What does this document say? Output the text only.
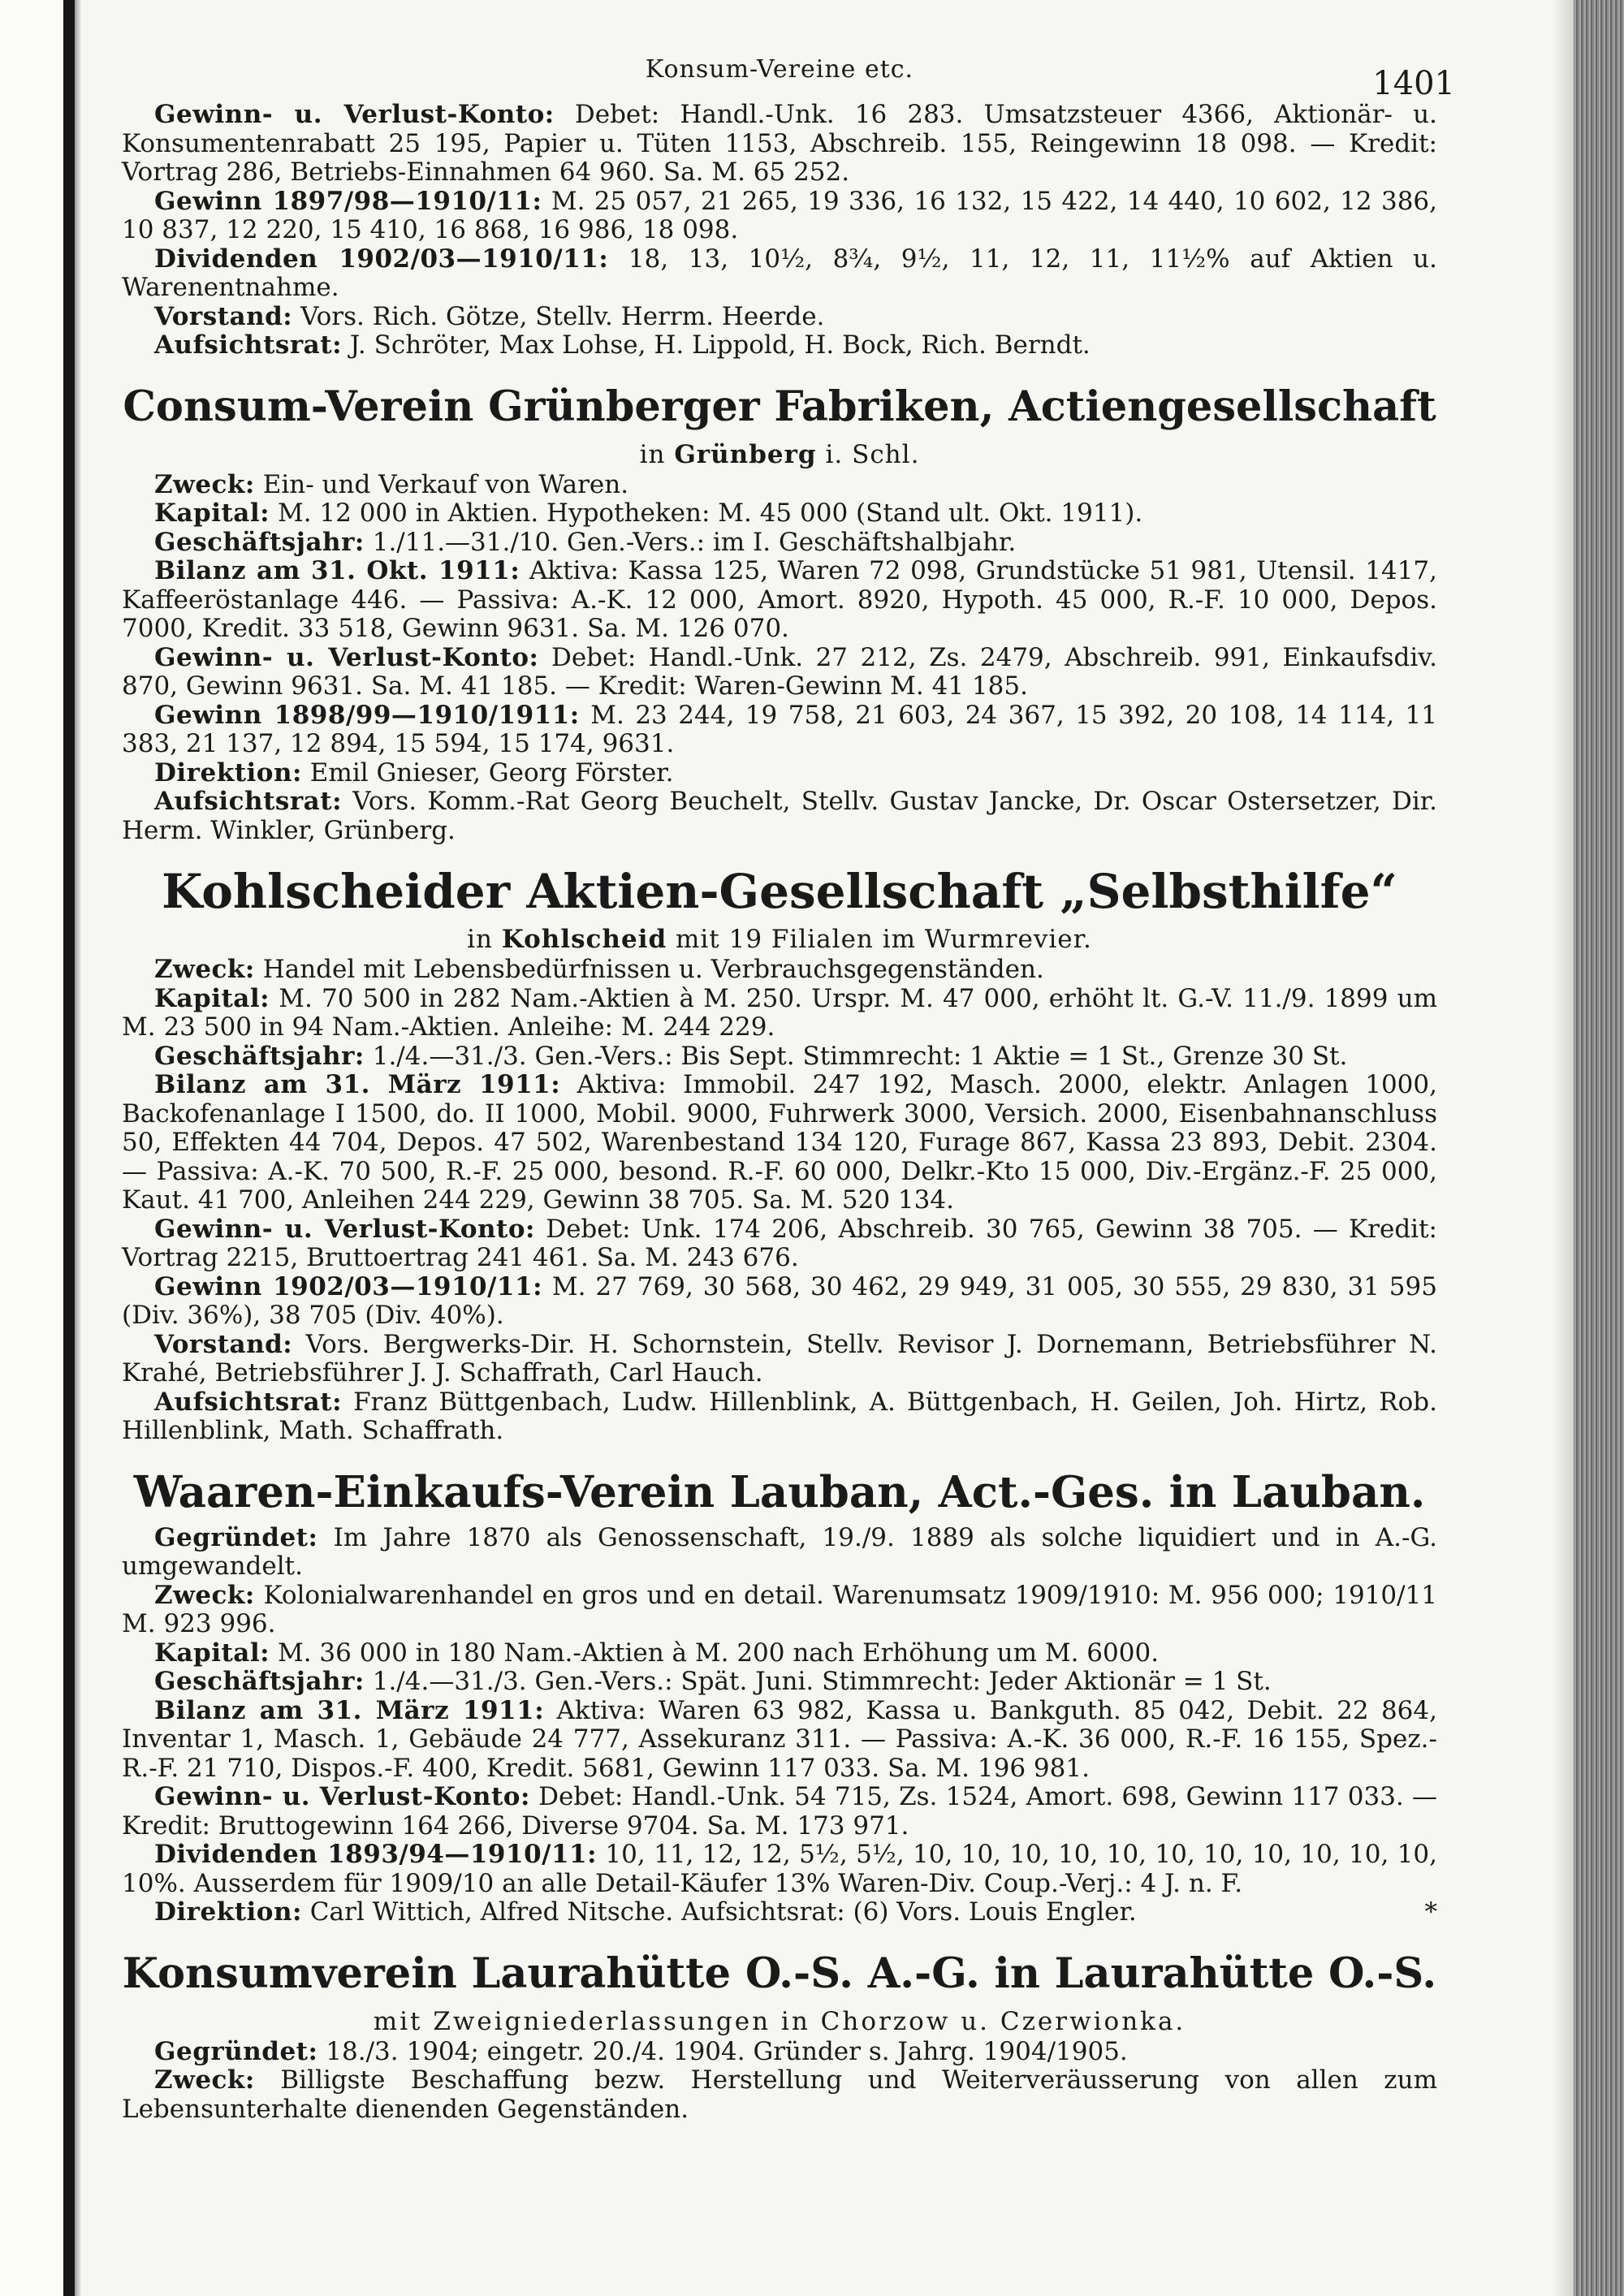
Konsum-Vereine etc.	1401

Gewinn- u. Verlust-Konto: Debet: Handl.-Unk. 16 283. Umsatzsteuer 4366, Aktionär- u. Konsumentenrabatt 25 195, Papier u. Tüten 1153, Abschreib. 155, Reingewinn 18 098. — Kredit: Vortrag 286, Betriebs-Einnahmen 64 960. Sa. M. 65 252.

Gewinn 1897/98—1910/11: M. 25 057, 21 265, 19 336, 16 132, 15 422, 14 440, 10 602, 12 386, 10 837, 12 220, 15 410, 16 868, 16 986, 18 098.

Dividenden 1902/03—1910/11: 18, 13, 10½, 8¾, 9½, 11, 12, 11, 11½% auf Aktien u. Warenentnahme.

Vorstand: Vors. Rich. Götze, Stellv. Herrm. Heerde.

Aufsichtsrat: J. Schröter, Max Lohse, H. Lippold, H. Bock, Rich. Berndt.

Consum-Verein Grünberger Fabriken, Actiengesellschaft
in Grünberg i. Schl.

Zweck: Ein- und Verkauf von Waren.

Kapital: M. 12 000 in Aktien. Hypotheken: M. 45 000 (Stand ult. Okt. 1911).

Geschäftsjahr: 1./11.—31./10. Gen.-Vers.: im I. Geschäftshalbjahr.

Bilanz am 31. Okt. 1911: Aktiva: Kassa 125, Waren 72 098, Grundstücke 51 981, Utensil. 1417, Kaffeeröstanlage 446. — Passiva: A.-K. 12 000, Amort. 8920, Hypoth. 45 000, R.-F. 10 000, Depos. 7000, Kredit. 33 518, Gewinn 9631. Sa. M. 126 070.

Gewinn- u. Verlust-Konto: Debet: Handl.-Unk. 27 212, Zs. 2479, Abschreib. 991, Einkaufsdiv. 870, Gewinn 9631. Sa. M. 41 185. — Kredit: Waren-Gewinn M. 41 185.

Gewinn 1898/99—1910/1911: M. 23 244, 19 758, 21 603, 24 367, 15 392, 20 108, 14 114, 11 383, 21 137, 12 894, 15 594, 15 174, 9631.

Direktion: Emil Gnieser, Georg Förster.

Aufsichtsrat: Vors. Komm.-Rat Georg Beuchelt, Stellv. Gustav Jancke, Dr. Oscar Ostersetzer, Dir. Herm. Winkler, Grünberg.

Kohlscheider Aktien-Gesellschaft „Selbsthilfe“
in Kohlscheid mit 19 Filialen im Wurmrevier.

Zweck: Handel mit Lebensbedürfnissen u. Verbrauchsgegenständen.

Kapital: M. 70 500 in 282 Nam.-Aktien à M. 250. Urspr. M. 47 000, erhöht lt. G.-V. 11./9. 1899 um M. 23 500 in 94 Nam.-Aktien. Anleihe: M. 244 229.

Geschäftsjahr: 1./4.—31./3. Gen.-Vers.: Bis Sept. Stimmrecht: 1 Aktie = 1 St., Grenze 30 St.

Bilanz am 31. März 1911: Aktiva: Immobil. 247 192, Masch. 2000, elektr. Anlagen 1000, Backofenanlage I 1500, do. II 1000, Mobil. 9000, Fuhrwerk 3000, Versich. 2000, Eisenbahnanschluss 50, Effekten 44 704, Depos. 47 502, Warenbestand 134 120, Furage 867, Kassa 23 893, Debit. 2304. — Passiva: A.-K. 70 500, R.-F. 25 000, besond. R.-F. 60 000, Delkr.-Kto 15 000, Div.-Ergänz.-F. 25 000, Kaut. 41 700, Anleihen 244 229, Gewinn 38 705. Sa. M. 520 134.

Gewinn- u. Verlust-Konto: Debet: Unk. 174 206, Abschreib. 30 765, Gewinn 38 705. — Kredit: Vortrag 2215, Bruttoertrag 241 461. Sa. M. 243 676.

Gewinn 1902/03—1910/11: M. 27 769, 30 568, 30 462, 29 949, 31 005, 30 555, 29 830, 31 595 (Div. 36%), 38 705 (Div. 40%).

Vorstand: Vors. Bergwerks-Dir. H. Schornstein, Stellv. Revisor J. Dornemann, Betriebsführer N. Krahé, Betriebsführer J. J. Schaffrath, Carl Hauch.

Aufsichtsrat: Franz Büttgenbach, Ludw. Hillenblink, A. Büttgenbach, H. Geilen, Joh. Hirtz, Rob. Hillenblink, Math. Schaffrath.

Waaren-Einkaufs-Verein Lauban, Act.-Ges. in Lauban.

Gegründet: Im Jahre 1870 als Genossenschaft, 19./9. 1889 als solche liquidiert und in A.-G. umgewandelt.

Zweck: Kolonialwarenhandel en gros und en detail. Warenumsatz 1909/1910: M. 956 000; 1910/11 M. 923 996.

Kapital: M. 36 000 in 180 Nam.-Aktien à M. 200 nach Erhöhung um M. 6000.

Geschäftsjahr: 1./4.—31./3. Gen.-Vers.: Spät. Juni. Stimmrecht: Jeder Aktionär = 1 St.

Bilanz am 31. März 1911: Aktiva: Waren 63 982, Kassa u. Bankguth. 85 042, Debit. 22 864, Inventar 1, Masch. 1, Gebäude 24 777, Assekuranz 311. — Passiva: A.-K. 36 000, R.-F. 16 155, Spez.-R.-F. 21 710, Dispos.-F. 400, Kredit. 5681, Gewinn 117 033. Sa. M. 196 981.

Gewinn- u. Verlust-Konto: Debet: Handl.-Unk. 54 715, Zs. 1524, Amort. 698, Gewinn 117 033. — Kredit: Bruttogewinn 164 266, Diverse 9704. Sa. M. 173 971.

Dividenden 1893/94—1910/11: 10, 11, 12, 12, 5½, 5½, 10, 10, 10, 10, 10, 10, 10, 10, 10, 10, 10, 10%. Ausserdem für 1909/10 an alle Detail-Käufer 13% Waren-Div. Coup.-Verj.: 4 J. n. F.

*
Direktion: Carl Wittich, Alfred Nitsche. Aufsichtsrat: (6) Vors. Louis Engler.

Konsumverein Laurahütte O.-S. A.-G. in Laurahütte O.-S.
mit Zweigniederlassungen in Chorzow u. Czerwionka.

Gegründet: 18./3. 1904; eingetr. 20./4. 1904. Gründer s. Jahrg. 1904/1905.

Zweck: Billigste Beschaffung bezw. Herstellung und Weiterveräusserung von allen zum Lebensunterhalte dienenden Gegenständen.
